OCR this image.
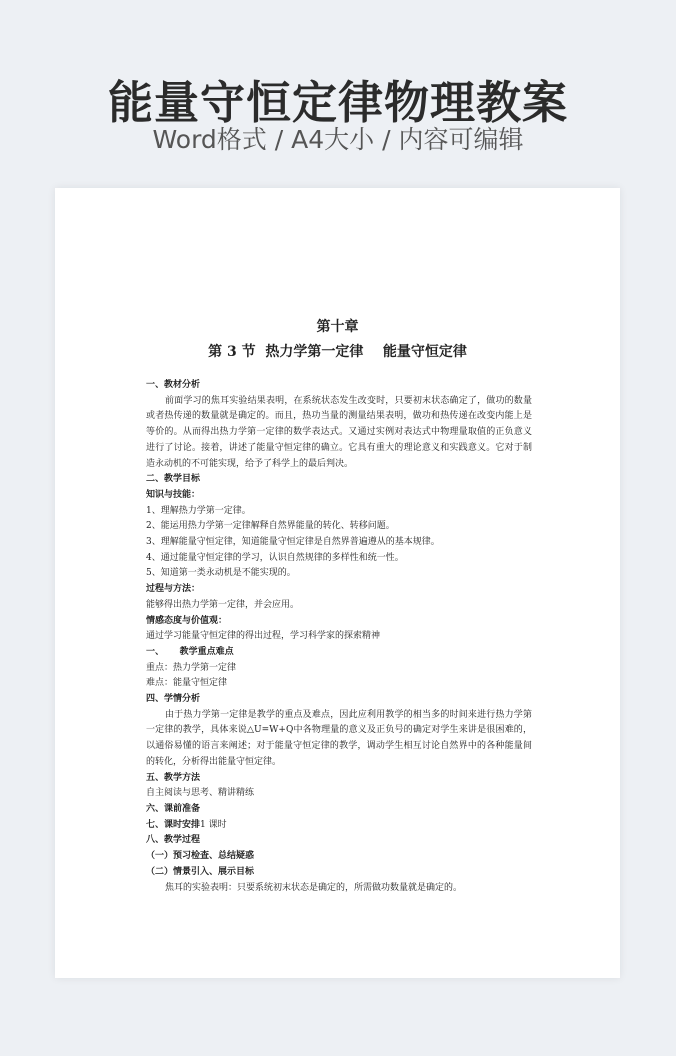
能量守恒定律物理教案
Word格式 / A4大小 / 内容可编辑
第十章
第 3 节  热力学第一定律    能量守恒定律
一、教材分析
前面学习的焦耳实验结果表明，在系统状态发生改变时，只要初末状态确定了，做功的数量或者热传递的数量就是确定的。而且，热功当量的测量结果表明，做功和热传递在改变内能上是等价的。从而得出热力学第一定律的数学表达式。又通过实例对表达式中物理量取值的正负意义进行了讨论。接着，讲述了能量守恒定律的确立。它具有重大的理论意义和实践意义。它对于制造永动机的不可能实现，给予了科学上的最后判决。
二、教学目标
知识与技能：
1、理解热力学第一定律。
2、能运用热力学第一定律解释自然界能量的转化、转移问题。
3、理解能量守恒定律，知道能量守恒定律是自然界普遍遵从的基本规律。
4、通过能量守恒定律的学习，认识自然规律的多样性和统一性。
5、知道第一类永动机是不能实现的。
过程与方法：
能够得出热力学第一定律，并会应用。
情感态度与价值观：
通过学习能量守恒定律的得出过程，学习科学家的探索精神
一、     教学重点难点
重点：热力学第一定律
难点：能量守恒定律
四、学情分析
由于热力学第一定律是教学的重点及难点，因此应利用教学的相当多的时间来进行热力学第一定律的教学，具体来说△U=W+Q中各物理量的意义及正负号的确定对学生来讲是很困难的，以通俗易懂的语言来阐述；对于能量守恒定律的教学，调动学生相互讨论自然界中的各种能量间的转化，分析得出能量守恒定律。
五、教学方法
自主阅读与思考、精讲精练
六、课前准备
七、课时安排1 课时
八、教学过程
（一）预习检查、总结疑惑
（二）情景引入、展示目标
焦耳的实验表明：只要系统初末状态是确定的，所需做功数量就是确定的。
